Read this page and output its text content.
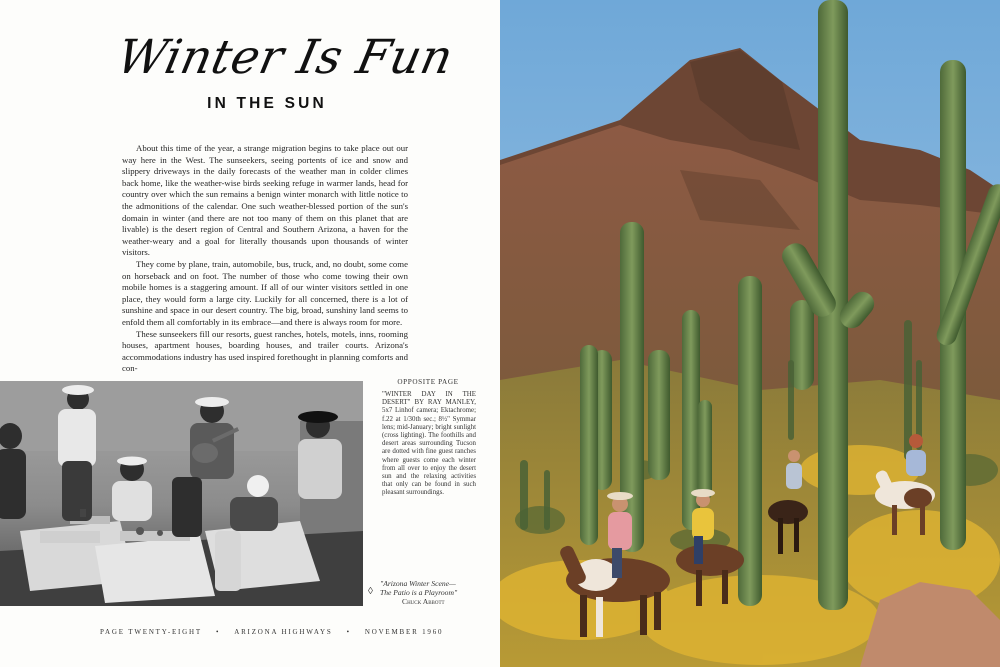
Winter Is Fun
IN THE SUN

About this time of the year, a strange migration begins to take place out our way here in the West. The sunseekers, seeing portents of ice and snow and slippery driveways in the daily forecasts of the weather man in colder climes back home, like the weather-wise birds seeking refuge in warmer lands, head for country over which the sun remains a benign winter monarch with little notice to the admonitions of the calendar. One such weather-blessed portion of the sun's domain in winter (and there are not too many of them on this planet that are livable) is the desert region of Central and Southern Arizona, a haven for the weather-weary and a goal for literally thousands upon thousands of winter visitors.

They come by plane, train, automobile, bus, truck, and, no doubt, some come on horseback and on foot. The number of those who come towing their own mobile homes is a staggering amount. If all of our winter visitors settled in one place, they would form a large city. Luckily for all concerned, there is a lot of sunshine and space in our desert country. The big, broad, sunshiny land seems to enfold them all comfortably in its embrace—and there is always room for more.

These sunseekers fill our resorts, guest ranches, hotels, motels, inns, rooming houses, apartment houses, boarding houses, and trailer courts. Arizona's accommodations industry has used inspired forethought in planning comforts and con-

OPPOSITE PAGE
"WINTER DAY IN THE DESERT" BY RAY MANLEY, 5x7 Linhof camera; Ektachrome; f.22 at 1/30th sec.; 8½" Symmar lens; mid-January; bright sunlight (cross lighting). The foothills and desert areas surrounding Tucson are dotted with fine guest ranches where guests come each winter from all over to enjoy the desert sun and the relaxing activities that only can be found in such pleasant surroundings.
◊
"Arizona Winter Scene—
The Patio is a Playroom"
Chuck Abbott
PAGE TWENTY-EIGHT • ARIZONA HIGHWAYS • NOVEMBER 1960
